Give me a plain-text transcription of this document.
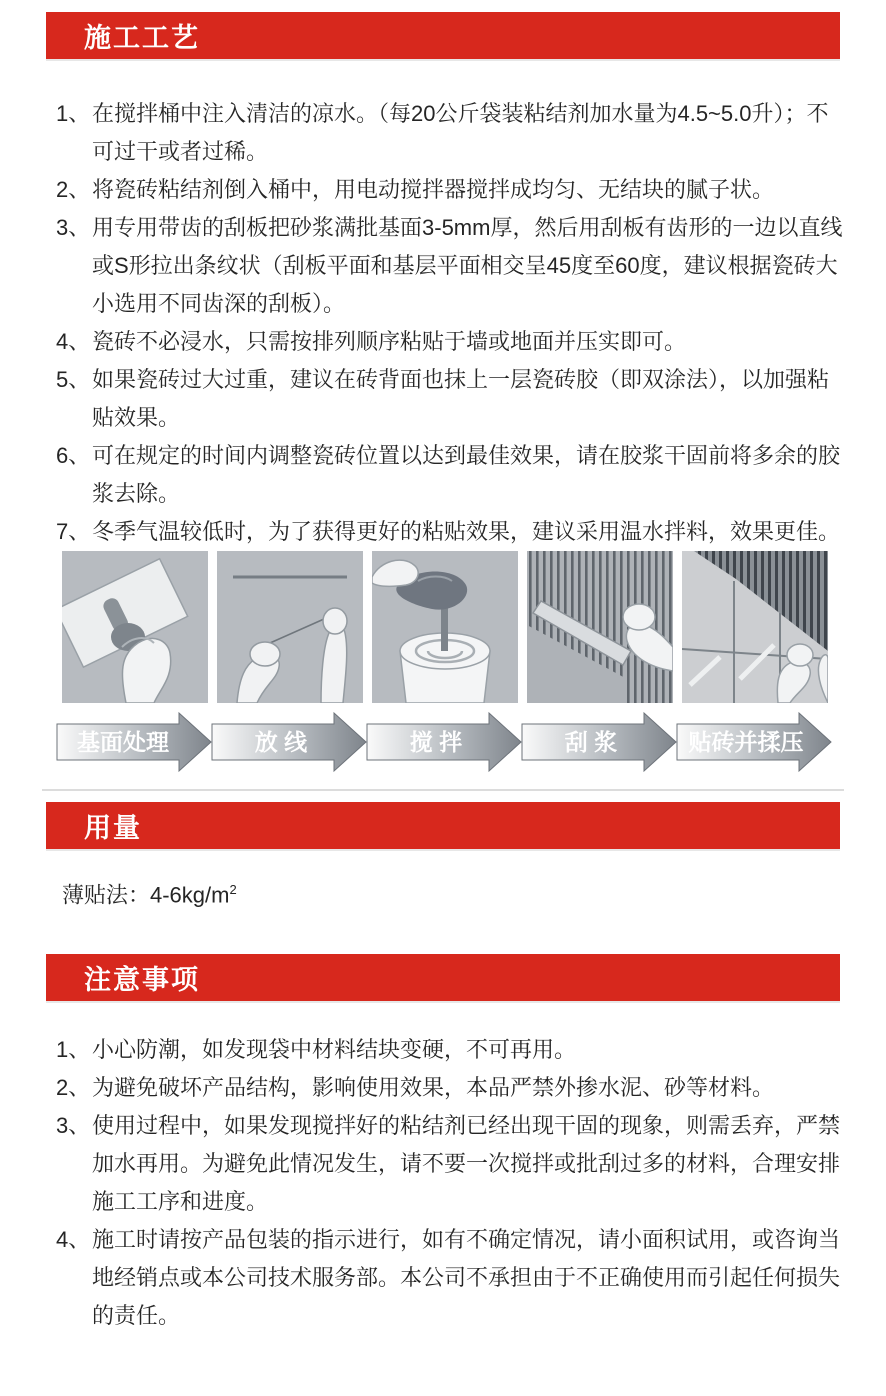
施工工艺
1、 在搅拌桶中注入清洁的凉水。（每20公斤袋装粘结剂加水量为4.5~5.0升）；不可过干或者过稀。
2、 将瓷砖粘结剂倒入桶中，用电动搅拌器搅拌成均匀、无结块的腻子状。
3、 用专用带齿的刮板把砂浆满批基面3-5mm厚，然后用刮板有齿形的一边以直线或S形拉出条纹状（刮板平面和基层平面相交呈45度至60度，建议根据瓷砖大小选用不同齿深的刮板）。
4、 瓷砖不必浸水，只需按排列顺序粘贴于墙或地面并压实即可。
5、 如果瓷砖过大过重，建议在砖背面也抹上一层瓷砖胶（即双涂法），以加强粘贴效果。
6、 可在规定的时间内调整瓷砖位置以达到最佳效果，请在胶浆干固前将多余的胶浆去除。
7、 冬季气温较低时，为了获得更好的粘贴效果，建议采用温水拌料，效果更佳。
基面处理	放 线	搅 拌	刮 浆	贴砖并揉压
用量
薄贴法：$4-6kg/m^2$
注意事项
1、 小心防潮，如发现袋中材料结块变硬，不可再用。
2、 为避免破坏产品结构，影响使用效果，本品严禁外掺水泥、砂等材料。
3、 使用过程中，如果发现搅拌好的粘结剂已经出现干固的现象，则需丢弃，严禁加水再用。为避免此情况发生，请不要一次搅拌或批刮过多的材料，合理安排施工工序和进度。
4、 施工时请按产品包装的指示进行，如有不确定情况，请小面积试用，或咨询当地经销点或本公司技术服务部。本公司不承担由于不正确使用而引起任何损失的责任。
